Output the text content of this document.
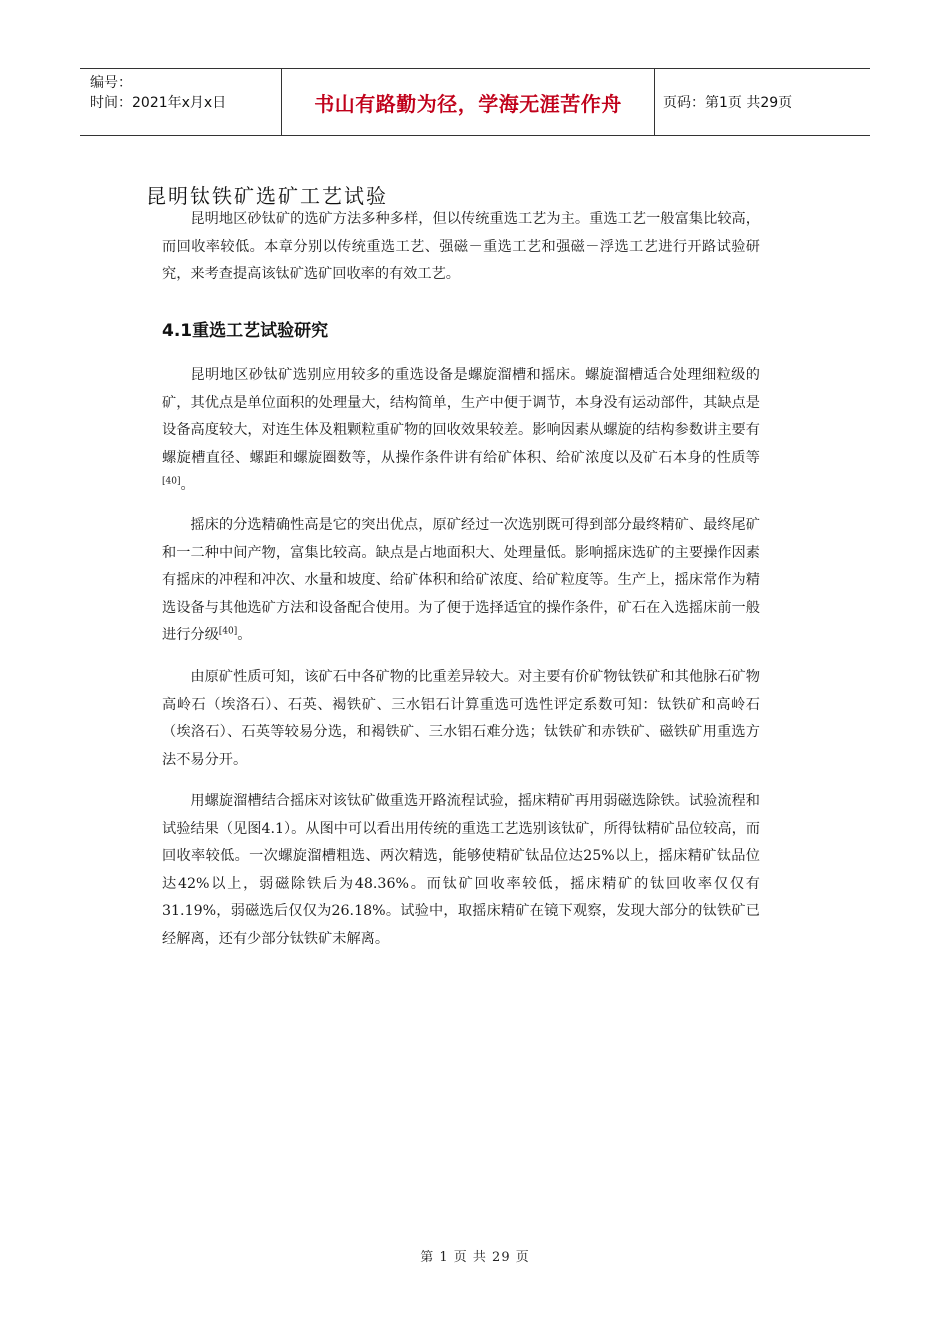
编号：
时间：2021年x月x日	书山有路勤为径，学海无涯苦作舟	页码：第1页 共29页
昆明钛铁矿选矿工艺试验

昆明地区砂钛矿的选矿方法多种多样，但以传统重选工艺为主。重选工艺一般富集比较高，而回收率较低。本章分别以传统重选工艺、强磁－重选工艺和强磁－浮选工艺进行开路试验研究，来考查提高该钛矿选矿回收率的有效工艺。

4.1重选工艺试验研究

昆明地区砂钛矿选别应用较多的重选设备是螺旋溜槽和摇床。螺旋溜槽适合处理细粒级的矿，其优点是单位面积的处理量大，结构简单，生产中便于调节，本身没有运动部件，其缺点是设备高度较大，对连生体及粗颗粒重矿物的回收效果较差。影响因素从螺旋的结构参数讲主要有螺旋槽直径、螺距和螺旋圈数等，从操作条件讲有给矿体积、给矿浓度以及矿石本身的性质等[40]。

摇床的分选精确性高是它的突出优点，原矿经过一次选别既可得到部分最终精矿、最终尾矿和一二种中间产物，富集比较高。缺点是占地面积大、处理量低。影响摇床选矿的主要操作因素有摇床的冲程和冲次、水量和坡度、给矿体积和给矿浓度、给矿粒度等。生产上，摇床常作为精选设备与其他选矿方法和设备配合使用。为了便于选择适宜的操作条件，矿石在入选摇床前一般进行分级[40]。

由原矿性质可知，该矿石中各矿物的比重差异较大。对主要有价矿物钛铁矿和其他脉石矿物高岭石（埃洛石）、石英、褐铁矿、三水铝石计算重选可选性评定系数可知：钛铁矿和高岭石（埃洛石）、石英等较易分选，和褐铁矿、三水铝石难分选；钛铁矿和赤铁矿、磁铁矿用重选方法不易分开。

用螺旋溜槽结合摇床对该钛矿做重选开路流程试验，摇床精矿再用弱磁选除铁。试验流程和试验结果（见图4.1）。从图中可以看出用传统的重选工艺选别该钛矿，所得钛精矿品位较高，而回收率较低。一次螺旋溜槽粗选、两次精选，能够使精矿钛品位达25%以上，摇床精矿钛品位达42%以上，弱磁除铁后为48.36%。而钛矿回收率较低，摇床精矿的钛回收率仅仅有31.19%，弱磁选后仅仅为26.18%。试验中，取摇床精矿在镜下观察，发现大部分的钛铁矿已经解离，还有少部分钛铁矿未解离。

第 1 页 共 29 页
